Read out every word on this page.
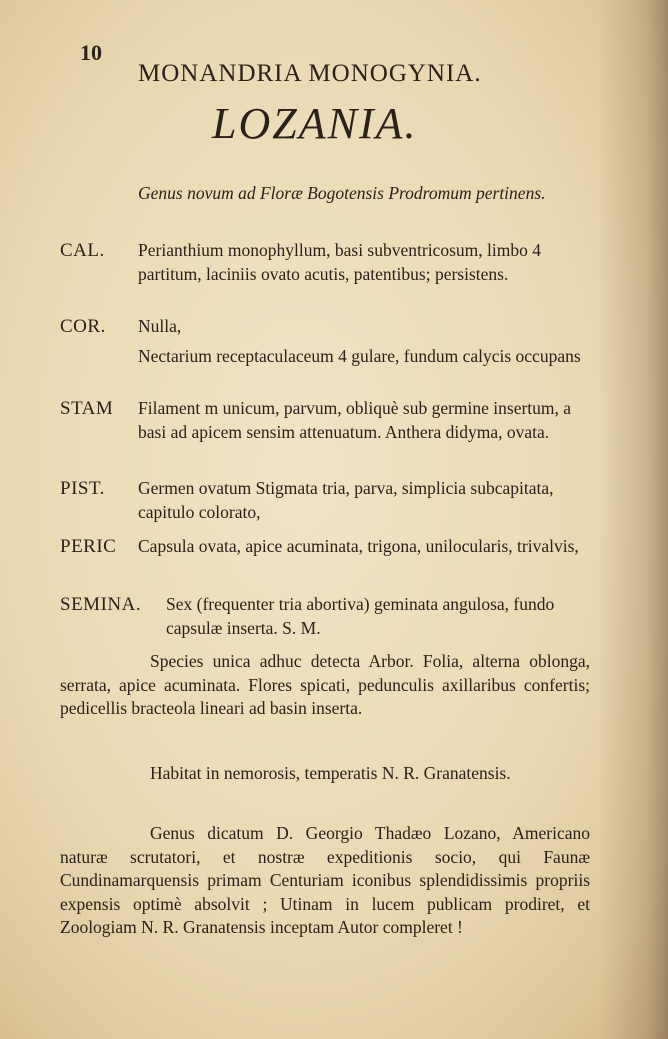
10
MONANDRIA MONOGYNIA.
LOZANIA.
Genus novum ad Floræ Bogotensis Prodromum pertinens.
CAL. Perianthium monophyllum, basi subventricosum, limbo 4 partitum, laciniis ovato acutis, patentibus; persistens.
COR. Nulla,
Nectarium receptaculaceum 4 gulare, fundum calycis occupans
STAM Filament m unicum, parvum, obliquè sub germine insertum, a basi ad apicem sensim attenuatum. Anthera didyma, ovata.
PIST. Germen ovatum Stigmata tria, parva, simplicia subcapitata, capitulo colorato,
PERIC Capsula ovata, apice acuminata, trigona, unilocularis, trivalvis,
SEMINA. Sex (frequenter tria abortiva) geminata angulosa, fundo capsulæ inserta. S. M.
Species unica adhuc detecta Arbor. Folia, alterna oblonga, serrata, apice acuminata. Flores spicati, pedunculis axillaribus confertis; pedicellis bracteola lineari ad basin inserta.
Habitat in nemorosis, temperatis N. R. Granatensis.
Genus dicatum D. Georgio Thadæo Lozano, Americano naturæ scrutatori, et nostræ expeditionis socio, qui Faunæ Cundinamarquensis primam Centuriam iconibus splendidissimis propriis expensis optimè absolvit ; Utinam in lucem publicam prodiret, et Zoologiam N. R. Granatensis inceptam Autor compleret !
